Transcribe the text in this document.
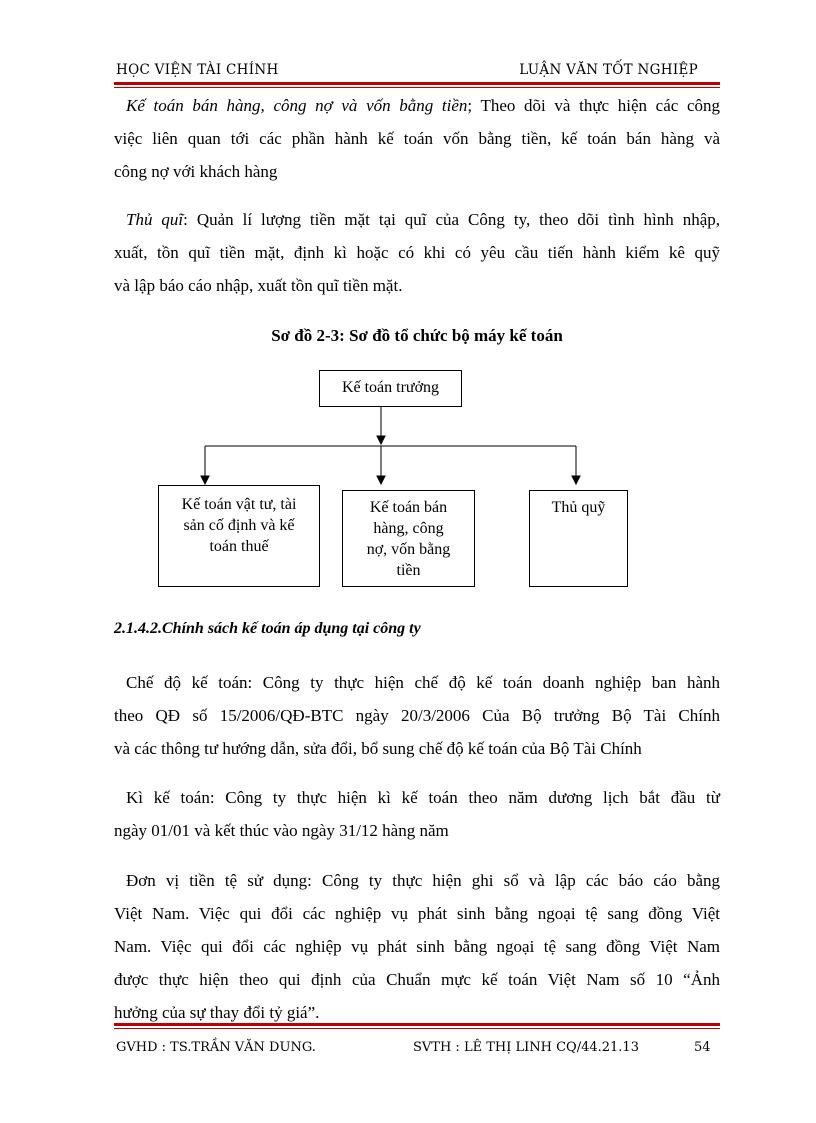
HỌC VIỆN TÀI CHÍNH	LUẬN VĂN TỐT NGHIỆP
Kế toán bán hàng, công nợ và vốn bằng tiền; Theo dõi và thực hiện các công
việc liên quan tới các phần hành kế toán vốn bằng tiền, kế toán bán hàng và
công nợ với khách hàng
Thủ quĩ: Quản lí lượng tiền mặt tại quĩ của Công ty, theo dõi tình hình nhập,
xuất, tồn quĩ tiền mặt, định kì hoặc có khi có yêu cầu tiến hành kiểm kê quỹ
và lập báo cáo nhập, xuất tồn quĩ tiền mặt.
Sơ đồ 2-3: Sơ đồ tổ chức bộ máy kế toán
Kế toán trưởng
Kế toán vật tư, tài
sản cố định và kế
toán thuế
Kế toán bán
hàng, công
nợ, vốn bằng
tiền
Thủ quỹ
2.1.4.2.Chính sách kế toán áp dụng tại công ty
Chế độ kế toán: Công ty thực hiện chế độ kế toán doanh nghiệp ban hành
theo QĐ số 15/2006/QĐ-BTC ngày 20/3/2006 Của Bộ trưởng Bộ Tài Chính
và các thông tư hướng dẫn, sửa đổi, bổ sung chế độ kế toán của Bộ Tài Chính
Kì kế toán: Công ty thực hiện kì kế toán theo năm dương lịch bắt đầu từ
ngày 01/01 và kết thúc vào ngày 31/12 hàng năm
Đơn vị tiền tệ sử dụng: Công ty thực hiện ghi sổ và lập các báo cáo bằng
Việt Nam. Việc qui đổi các nghiệp vụ phát sinh bằng ngoại tệ sang đồng Việt
Nam. Việc qui đổi các nghiệp vụ phát sinh bằng ngoại tệ sang đồng Việt Nam
được thực hiện theo qui định của Chuẩn mực kế toán Việt Nam số 10 “Ảnh
hưởng của sự thay đổi tỷ giá”.
GVHD : TS.TRẦN VĂN DUNG.	SVTH : LÊ THỊ LINH CQ/44.21.13	54
